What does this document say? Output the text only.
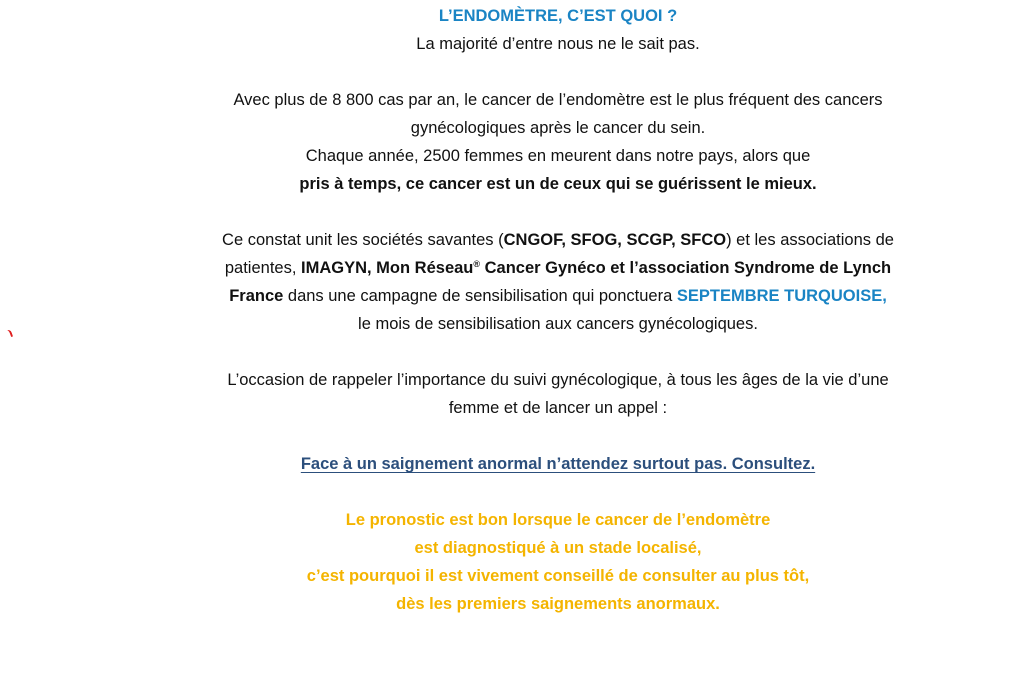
L’ENDOMÈTRE, C’EST QUOI ?
La majorité d’entre nous ne le sait pas.
Avec plus de 8 800 cas par an, le cancer de l’endomètre est le plus fréquent des cancers
gynécologiques après le cancer du sein.
Chaque année, 2500 femmes en meurent dans notre pays, alors que
pris à temps, ce cancer est un de ceux qui se guérissent le mieux.
Ce constat unit les sociétés savantes (CNGOF, SFOG, SCGP, SFCO) et les associations de
patientes, IMAGYN, Mon Réseau® Cancer Gynéco et l’association Syndrome de Lynch
France dans une campagne de sensibilisation qui ponctuera SEPTEMBRE TURQUOISE,
le mois de sensibilisation aux cancers gynécologiques.
L’occasion de rappeler l’importance du suivi gynécologique, à tous les âges de la vie d’une
femme et de lancer un appel :
Face à un saignement anormal n’attendez surtout pas. Consultez.
Le pronostic est bon lorsque le cancer de l’endomètre
est diagnostiqué à un stade localisé,
c’est pourquoi il est vivement conseillé de consulter au plus tôt,
dès les premiers saignements anormaux.
